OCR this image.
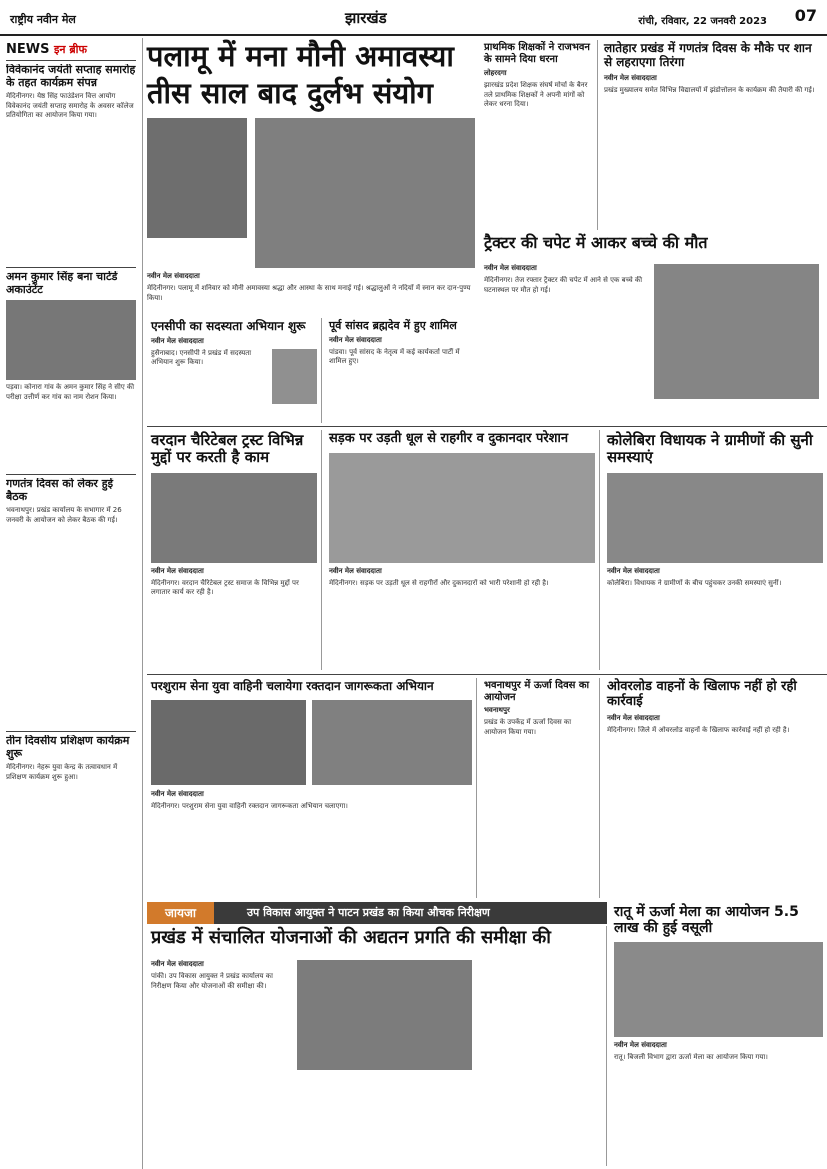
राष्ट्रीय नवीन मेल	झारखंड	रांची, रविवार, 22 जनवरी 2023 07
NEWS इन ब्रीफ
विवेकानंद जयंती सप्ताह समारोह के तहत कार्यक्रम संपन्न
मेदिनीनगर। येष्ठ सिंह फाउंडेशन वित्त आयोग विवेकानंद जयंती सप्ताह समारोह के अवसर कॉलेज प्रतियोगिता का आयोजन किया गया।
अमन कुमार सिंह बना चार्टर्ड अकाउंटेंट
पड़वा। कोनारा गांव के अमन कुमार सिंह ने सीए की परीक्षा उत्तीर्ण कर गांव का नाम रोशन किया।
गणतंत्र दिवस को लेकर हुई बैठक
भवनाथपुर। प्रखंड कार्यालय के सभागार में 26 जनवरी के आयोजन को लेकर बैठक की गई।
तीन दिवसीय प्रशिक्षण कार्यक्रम शुरू
मेदिनीनगर। नेहरू युवा केन्द्र के तत्वावधान में प्रशिक्षण कार्यक्रम शुरू हुआ।
पलामू में मना मौनी अमावस्या
तीस साल बाद दुर्लभ संयोग
नवीन मेल संवाददाता
मेदिनीनगर। पलामू में शनिवार को मौनी अमावस्या श्रद्धा और आस्था के साथ मनाई गई। श्रद्धालुओं ने नदियों में स्नान कर दान-पुण्य किया।
प्राथमिक शिक्षकों ने राजभवन के सामने दिया धरना
लोहरदगा
झारखंड प्रदेश शिक्षक संघर्ष मोर्चा के बैनर तले प्राथमिक शिक्षकों ने अपनी मांगों को लेकर धरना दिया।
लातेहार प्रखंड में गणतंत्र दिवस के मौके पर शान से लहराएगा तिरंगा
नवीन मेल संवाददाता
प्रखंड मुख्यालय समेत विभिन्न विद्यालयों में झंडोत्तोलन के कार्यक्रम की तैयारी की गई।
ट्रैक्टर की चपेट में आकर बच्चे की मौत
नवीन मेल संवाददाता
मेदिनीनगर। तेज रफ्तार ट्रैक्टर की चपेट में आने से एक बच्चे की घटनास्थल पर मौत हो गई।
एनसीपी का सदस्यता अभियान शुरू
नवीन मेल संवाददाता
हुसैनाबाद। एनसीपी ने प्रखंड में सदस्यता अभियान शुरू किया।
पूर्व सांसद ब्रह्मदेव में हुए शामिल
नवीन मेल संवाददाता
पांडवा। पूर्व सांसद के नेतृत्व में कई कार्यकर्ता पार्टी में शामिल हुए।
वरदान चैरिटेबल ट्रस्ट विभिन्न मुद्दों पर करती है काम
नवीन मेल संवाददाता
मेदिनीनगर। वरदान चैरिटेबल ट्रस्ट समाज के विभिन्न मुद्दों पर लगातार कार्य कर रही है।
सड़क पर उड़ती धूल से राहगीर व दुकानदार परेशान
नवीन मेल संवाददाता
मेदिनीनगर। सड़क पर उड़ती धूल से राहगीरों और दुकानदारों को भारी परेशानी हो रही है।
कोलेबिरा विधायक ने ग्रामीणों की सुनी समस्याएं
नवीन मेल संवाददाता
कोलेबिरा। विधायक ने ग्रामीणों के बीच पहुंचकर उनकी समस्याएं सुनीं।
परशुराम सेना युवा वाहिनी चलायेगा रक्तदान जागरूकता अभियान
नवीन मेल संवाददाता
मेदिनीनगर। परशुराम सेना युवा वाहिनी रक्तदान जागरूकता अभियान चलाएगा।
भवनाथपुर में ऊर्जा दिवस का आयोजन
भवनाथपुर
प्रखंड के उपकेंद्र में ऊर्जा दिवस का आयोजन किया गया।
ओवरलोड वाहनों के खिलाफ नहीं हो रही कार्रवाई
नवीन मेल संवाददाता
मेदिनीनगर। जिले में ओवरलोड वाहनों के खिलाफ कार्रवाई नहीं हो रही है।
जायजा	उप विकास आयुक्त ने पाटन प्रखंड का किया औचक निरीक्षण
प्रखंड में संचालित योजनाओं की अद्यतन प्रगति की समीक्षा की
नवीन मेल संवाददाता
पांकी। उप विकास आयुक्त ने प्रखंड कार्यालय का निरीक्षण किया और योजनाओं की समीक्षा की।
रातू में ऊर्जा मेला का आयोजन 5.5 लाख की हुई वसूली
नवीन मेल संवाददाता
रातू। बिजली विभाग द्वारा ऊर्जा मेला का आयोजन किया गया।
